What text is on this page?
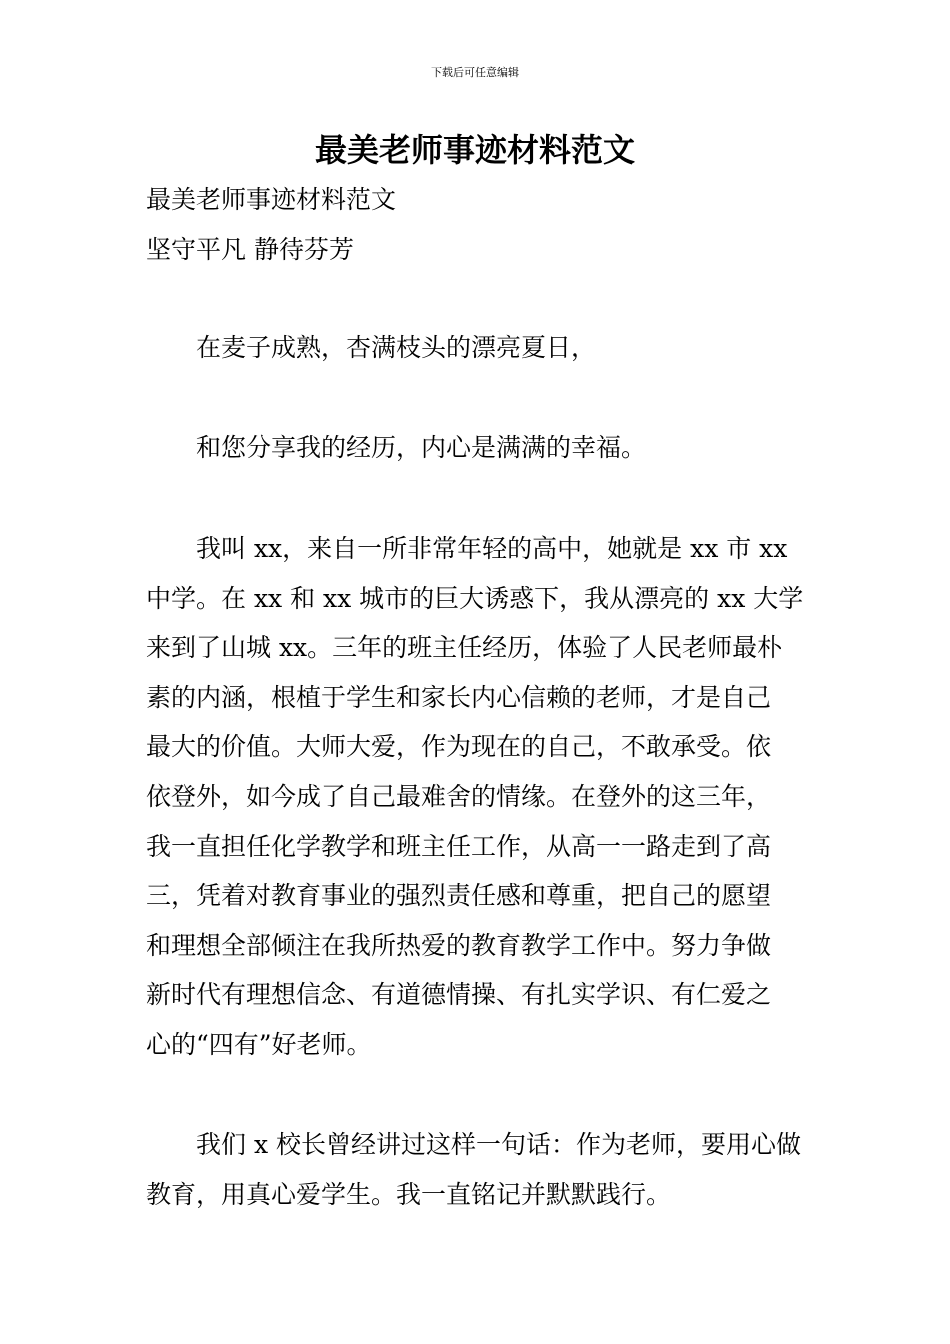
下载后可任意编辑
最美老师事迹材料范文
最美老师事迹材料范文
坚守平凡 静待芬芳
在麦子成熟，杏满枝头的漂亮夏日，
和您分享我的经历，内心是满满的幸福。
我叫 xx，来自一所非常年轻的高中，她就是 xx 市 xx
中学。在 xx 和 xx 城市的巨大诱惑下，我从漂亮的 xx 大学
来到了山城 xx。三年的班主任经历，体验了人民老师最朴
素的内涵，根植于学生和家长内心信赖的老师，才是自己
最大的价值。大师大爱，作为现在的自己，不敢承受。依
依登外，如今成了自己最难舍的情缘。在登外的这三年，
我一直担任化学教学和班主任工作，从高一一路走到了高
三，凭着对教育事业的强烈责任感和尊重，把自己的愿望
和理想全部倾注在我所热爱的教育教学工作中。努力争做
新时代有理想信念、有道德情操、有扎实学识、有仁爱之
心的“四有”好老师。
我们 x 校长曾经讲过这样一句话：作为老师，要用心做
教育，用真心爱学生。我一直铭记并默默践行。
